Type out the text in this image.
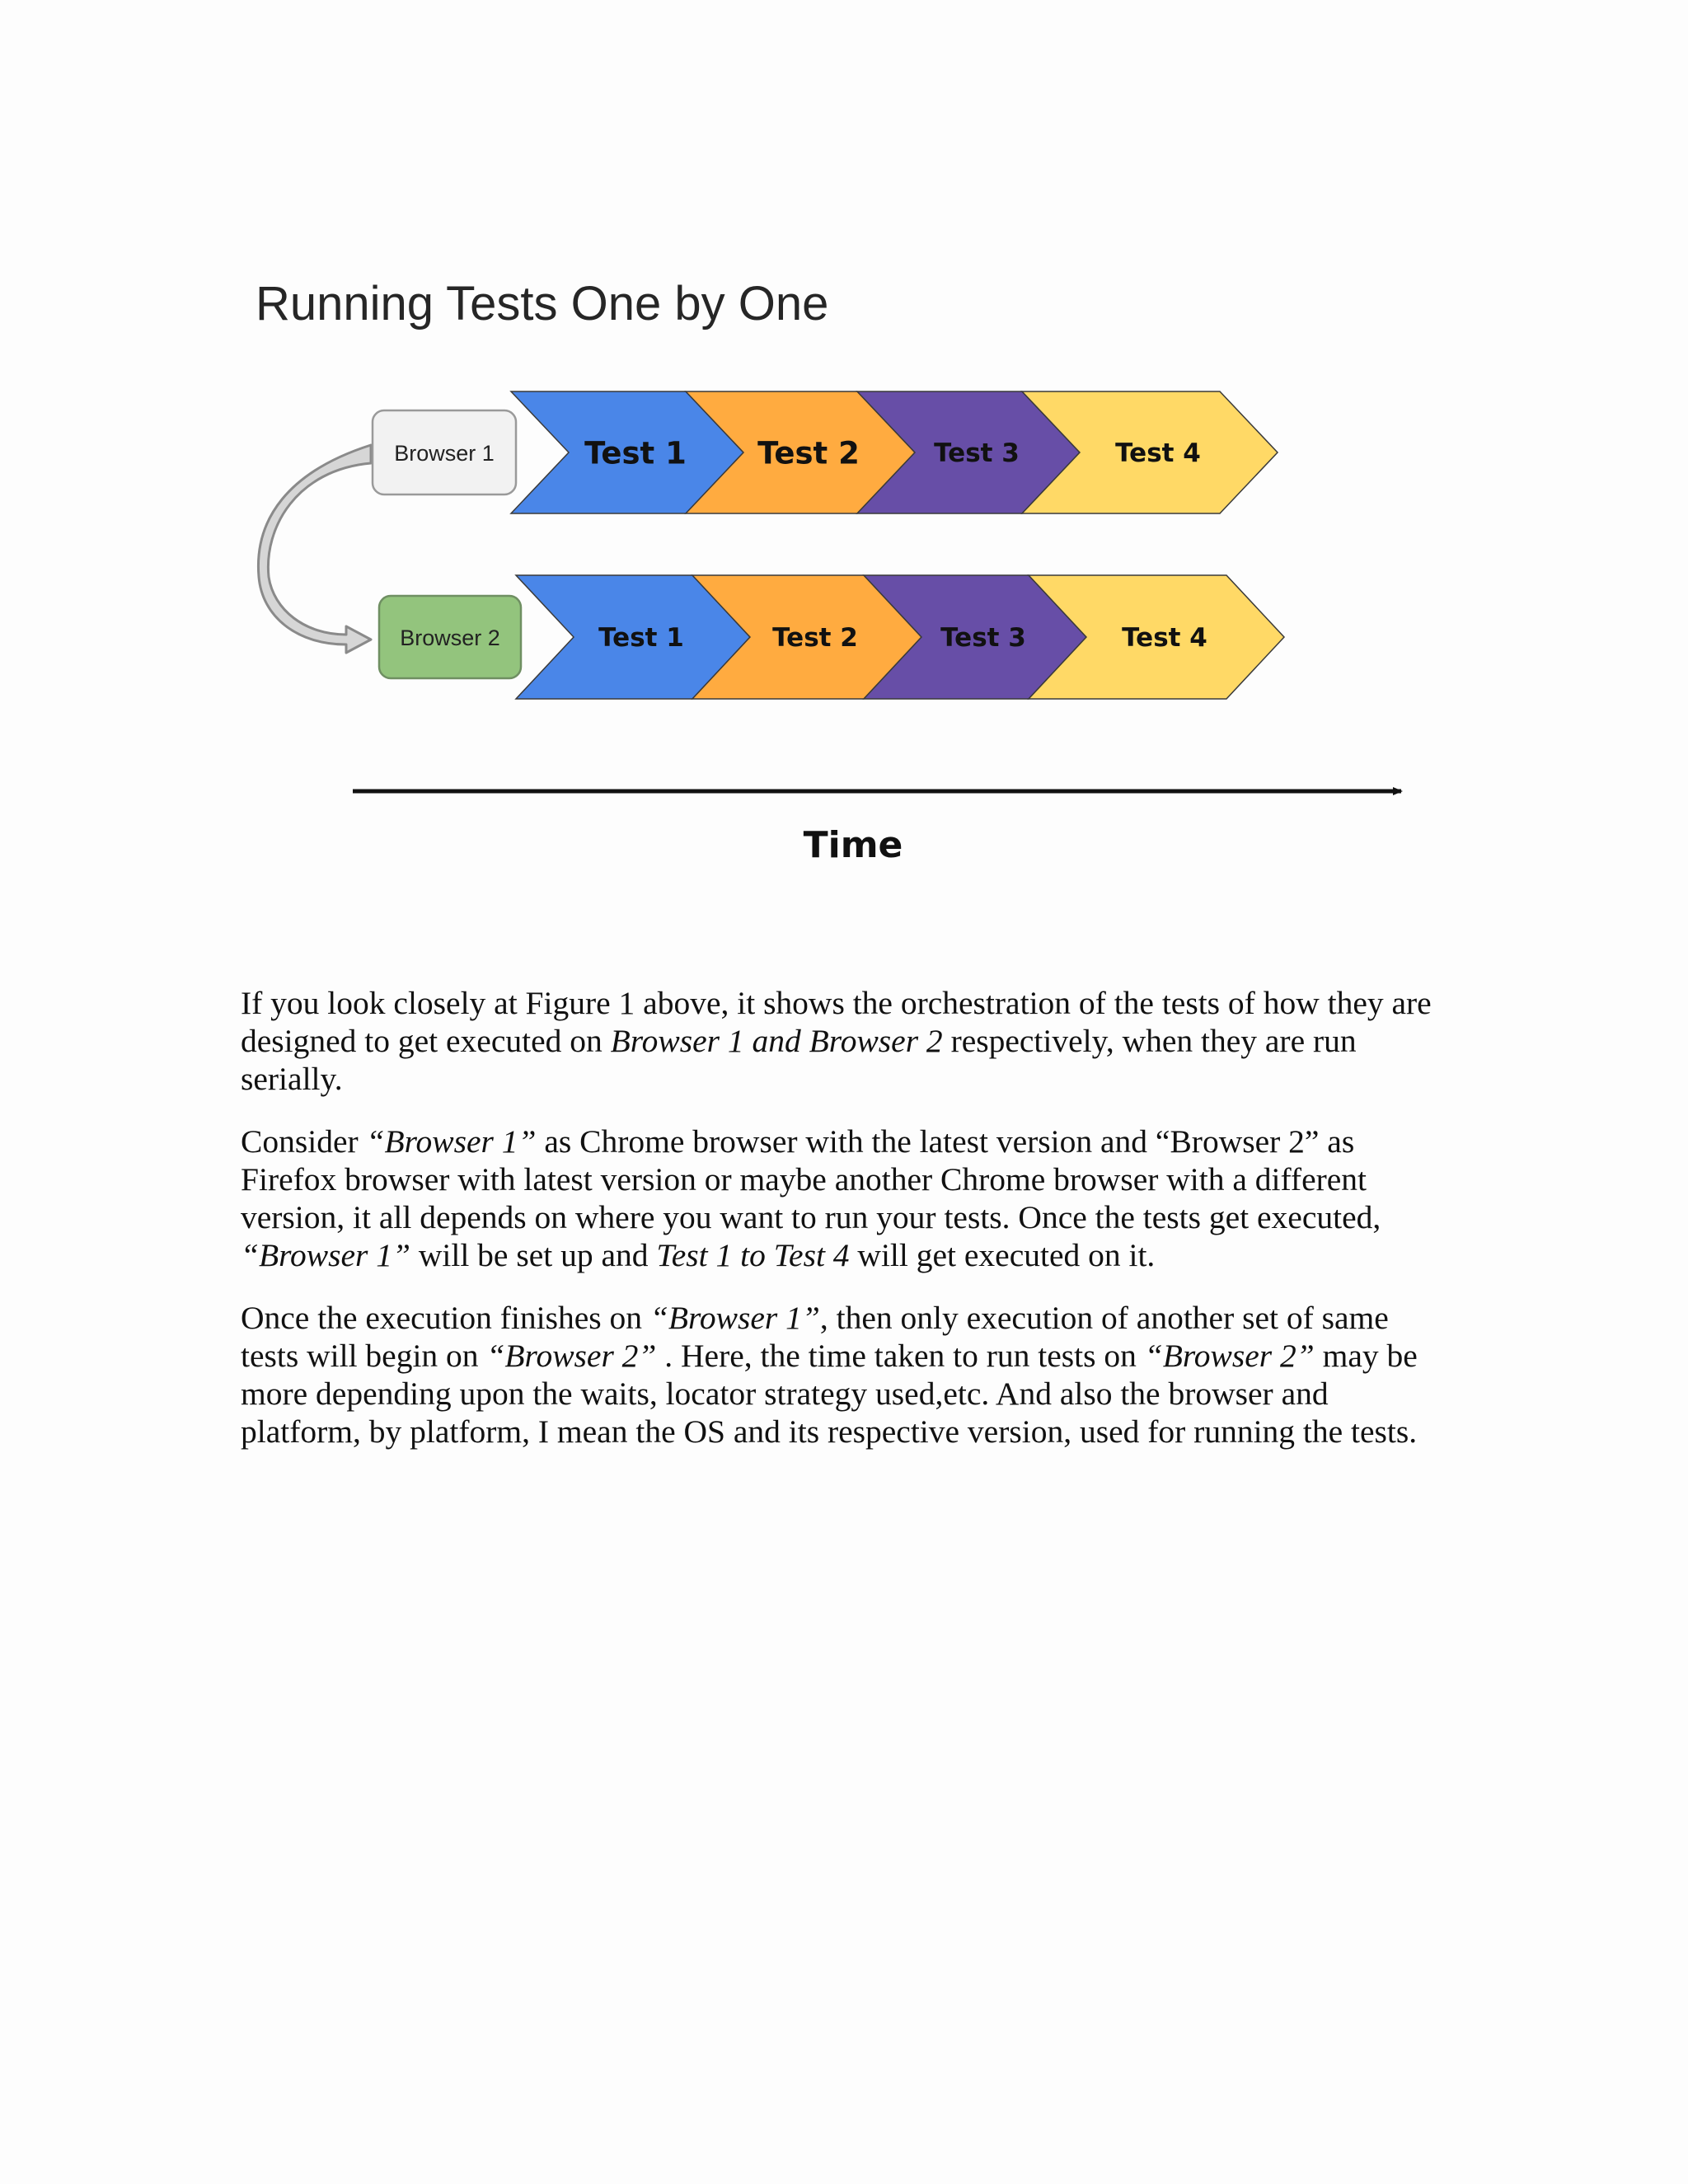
Running Tests One by One
Browser 1	Test 1 Test 2	Test 3	Test 4
Browser 2	Test 1	Test 2	Test 3	Test 4
Time

If you look closely at Figure 1 above, it shows the orchestration of the tests of how they are designed to get executed on Browser 1 and Browser 2 respectively, when they are run serially.

Consider “Browser 1” as Chrome browser with the latest version and “Browser 2” as Firefox browser with latest version or maybe another Chrome browser with a different version, it all depends on where you want to run your tests. Once the tests get executed, “Browser 1” will be set up and Test 1 to Test 4 will get executed on it.

Once the execution finishes on “Browser 1”, then only execution of another set of same tests will begin on “Browser 2” . Here, the time taken to run tests on “Browser 2” may be more depending upon the waits, locator strategy used,etc. And also the browser and platform, by platform, I mean the OS and its respective version, used for running the tests.
